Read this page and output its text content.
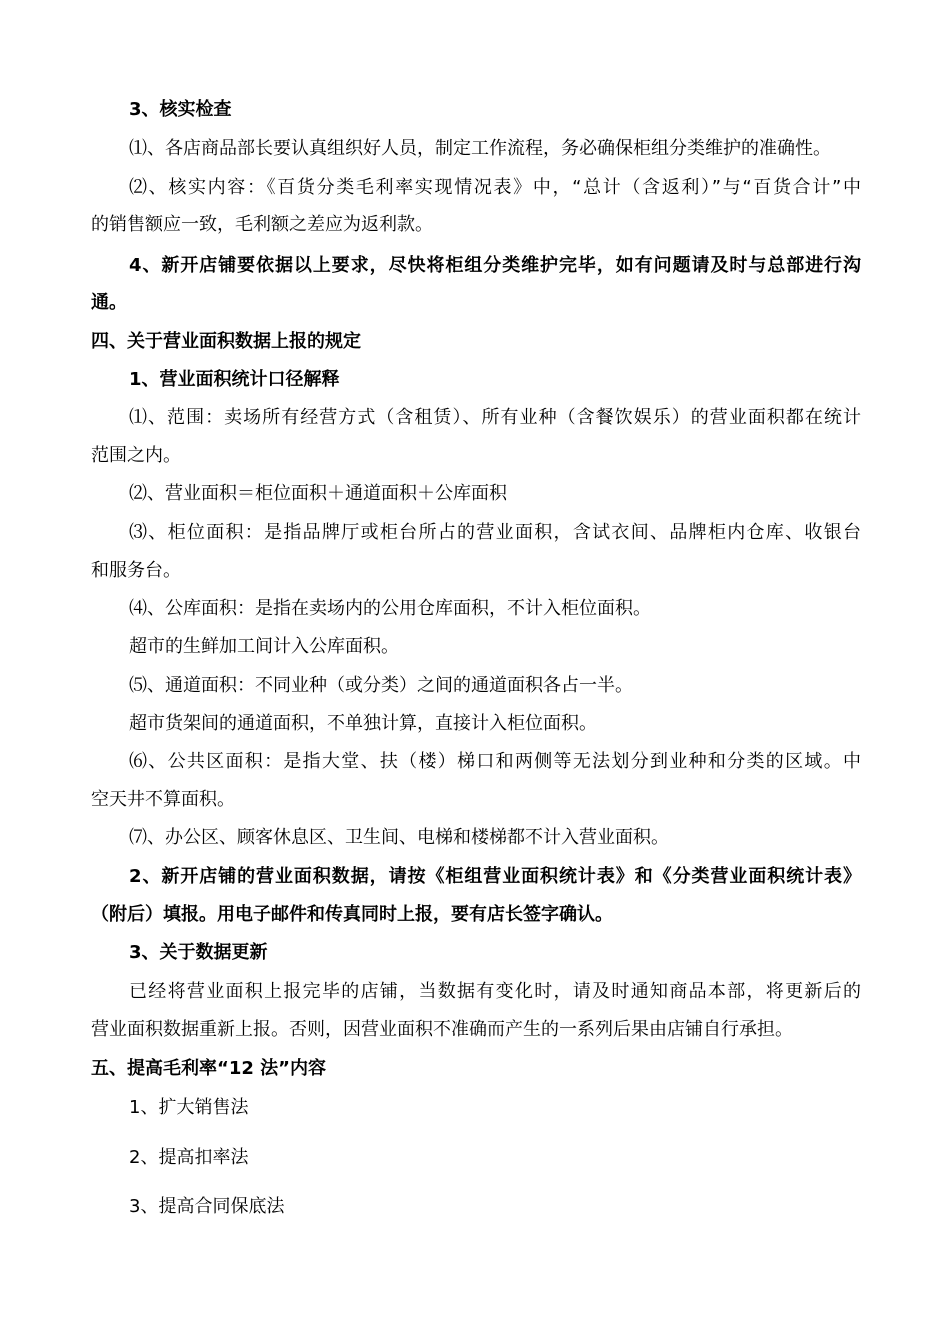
3、核实检查
⑴、各店商品部长要认真组织好人员，制定工作流程，务必确保柜组分类维护的准确性。
⑵、核实内容：《百货分类毛利率实现情况表》中，“总计（含返利）”与“百货合计”中
的销售额应一致，毛利额之差应为返利款。
4、新开店铺要依据以上要求，尽快将柜组分类维护完毕，如有问题请及时与总部进行沟
通。
四、关于营业面积数据上报的规定
1、营业面积统计口径解释
⑴、范围：卖场所有经营方式（含租赁）、所有业种（含餐饮娱乐）的营业面积都在统计
范围之内。
⑵、营业面积＝柜位面积＋通道面积＋公库面积
⑶、柜位面积：是指品牌厅或柜台所占的营业面积，含试衣间、品牌柜内仓库、收银台
和服务台。
⑷、公库面积：是指在卖场内的公用仓库面积，不计入柜位面积。
超市的生鲜加工间计入公库面积。
⑸、通道面积：不同业种（或分类）之间的通道面积各占一半。
超市货架间的通道面积，不单独计算，直接计入柜位面积。
⑹、公共区面积：是指大堂、扶（楼）梯口和两侧等无法划分到业种和分类的区域。中
空天井不算面积。
⑺、办公区、顾客休息区、卫生间、电梯和楼梯都不计入营业面积。
2、新开店铺的营业面积数据，请按《柜组营业面积统计表》和《分类营业面积统计表》
（附后）填报。用电子邮件和传真同时上报，要有店长签字确认。
3、关于数据更新
已经将营业面积上报完毕的店铺，当数据有变化时，请及时通知商品本部，将更新后的
营业面积数据重新上报。否则，因营业面积不准确而产生的一系列后果由店铺自行承担。
五、提高毛利率“12 法”内容
1、扩大销售法
2、提高扣率法
3、提高合同保底法
